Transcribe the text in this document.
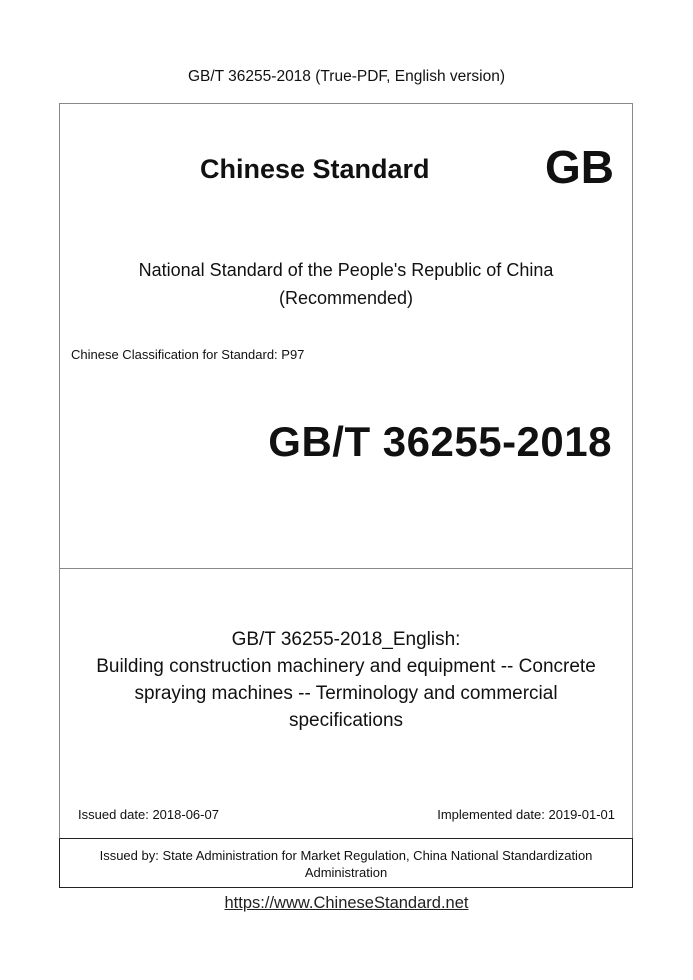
GB/T 36255-2018 (True-PDF, English version)
Chinese Standard	GB
National Standard of the People's Republic of China
(Recommended)
Chinese Classification for Standard: P97
GB/T 36255-2018
GB/T 36255-2018_English:
Building construction machinery and equipment -- Concrete
spraying machines -- Terminology and commercial
specifications
Issued date: 2018-06-07	Implemented date: 2019-01-01
Issued by: State Administration for Market Regulation, China National Standardization
Administration
https://www.ChineseStandard.net
